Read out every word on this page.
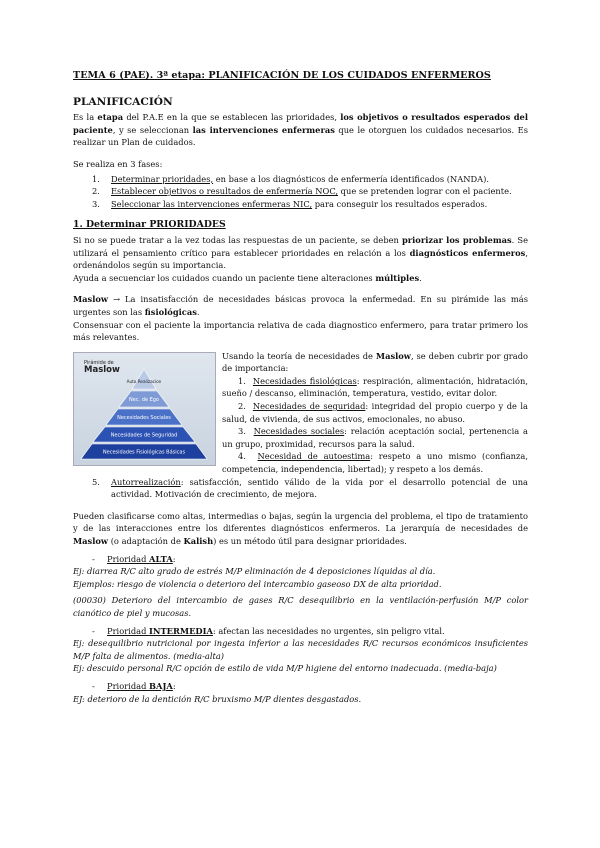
TEMA 6 (PAE). 3ª etapa: PLANIFICACIÓN DE LOS CUIDADOS ENFERMEROS
PLANIFICACIÓN

Es la etapa del P.A.E en la que se establecen las prioridades, los objetivos o resultados esperados del paciente, y se seleccionan las intervenciones enfermeras que le otorguen los cuidados necesarios. Es realizar un Plan de cuidados.

Se realiza en 3 fases:

1. Determinar prioridades, en base a los diagnósticos de enfermería identificados (NANDA).
2. Establecer objetivos o resultados de enfermería NOC, que se pretenden lograr con el paciente.
3. Seleccionar las intervenciones enfermeras NIC, para conseguir los resultados esperados.
1. Determinar PRIORIDADES

Si no se puede tratar a la vez todas las respuestas de un paciente, se deben priorizar los problemas. Se utilizará el pensamiento crítico para establecer prioridades en relación a los diagnósticos enfermeros, ordenándolos según su importancia.

Ayuda a secuenciar los cuidados cuando un paciente tiene alteraciones múltiples.

Maslow → La insatisfacción de necesidades básicas provoca la enfermedad. En su pirámide las más urgentes son las fisiológicas.

Consensuar con el paciente la importancia relativa de cada diagnostico enfermero, para tratar primero los más relevantes.

Pirámide de
Maslow
Auto Realizacion
Nec. de Ego
Necesidades Sociales
Necesidades de Seguridad
Necesidades Fisiológicas Básicas

Usando la teoría de necesidades de Maslow, se deben cubrir por grado de importancia:

1. Necesidades fisiológicas: respiración, alimentación, hidratación, sueño / descanso, eliminación, temperatura, vestido, evitar dolor.

2. Necesidades de seguridad: integridad del propio cuerpo y de la salud, de vivienda, de sus activos, emocionales, no abuso.

3. Necesidades sociales: relación aceptación social, pertenencia a un grupo, proximidad, recursos para la salud.

4. Necesidad de autoestima: respeto a uno mismo (confianza, competencia, independencia, libertad); y respeto a los demás.

5. Autorrealización: satisfacción, sentido válido de la vida por el desarrollo potencial de una actividad. Motivación de crecimiento, de mejora.

Pueden clasificarse como altas, intermedias o bajas, según la urgencia del problema, el tipo de tratamiento y de las interacciones entre los diferentes diagnósticos enfermeros. La jerarquía de necesidades de Maslow (o adaptación de Kalish) es un método útil para designar prioridades.

- Prioridad ALTA:

Ej: diarrea R/C alto grado de estrés M/P eliminación de 4 deposiciones líquidas al día.

Ejemplos: riesgo de violencia o deterioro del intercambio gaseoso DX de alta prioridad.

(00030) Deterioro del intercambio de gases R/C desequilibrio en la ventilación-perfusión M/P color cianótico de piel y mucosas.

- Prioridad INTERMEDIA: afectan las necesidades no urgentes, sin peligro vital.

Ej: desequilibrio nutricional por ingesta inferior a las necesidades R/C recursos económicos insuficientes M/P falta de alimentos. (media-alta)

Ej: descuido personal R/C opción de estilo de vida M/P higiene del entorno inadecuada. (media-baja)

- Prioridad BAJA:

EJ: deterioro de la dentición R/C bruxismo M/P dientes desgastados.
